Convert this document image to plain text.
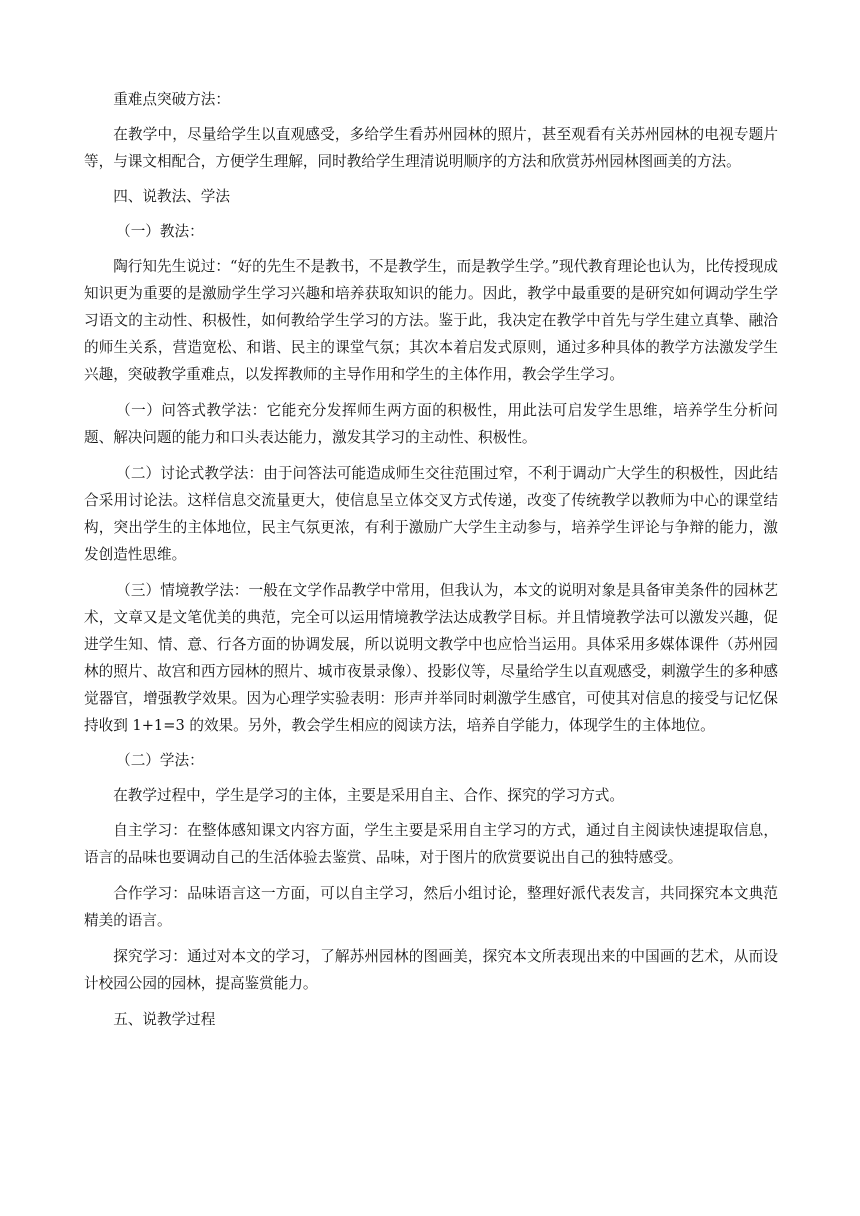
重难点突破方法：

在教学中，尽量给学生以直观感受，多给学生看苏州园林的照片，甚至观看有关苏州园林的电视专题片等，与课文相配合，方便学生理解，同时教给学生理清说明顺序的方法和欣赏苏州园林图画美的方法。

四、说教法、学法

（一）教法：

陶行知先生说过：“好的先生不是教书，不是教学生，而是教学生学。”现代教育理论也认为，比传授现成知识更为重要的是激励学生学习兴趣和培养获取知识的能力。因此，教学中最重要的是研究如何调动学生学习语文的主动性、积极性，如何教给学生学习的方法。鉴于此，我决定在教学中首先与学生建立真挚、融洽的师生关系，营造宽松、和谐、民主的课堂气氛；其次本着启发式原则，通过多种具体的教学方法激发学生兴趣，突破教学重难点，以发挥教师的主导作用和学生的主体作用，教会学生学习。

（一）问答式教学法：它能充分发挥师生两方面的积极性，用此法可启发学生思维，培养学生分析问题、解决问题的能力和口头表达能力，激发其学习的主动性、积极性。

（二）讨论式教学法：由于问答法可能造成师生交往范围过窄，不利于调动广大学生的积极性，因此结合采用讨论法。这样信息交流量更大，使信息呈立体交叉方式传递，改变了传统教学以教师为中心的课堂结构，突出学生的主体地位，民主气氛更浓，有利于激励广大学生主动参与，培养学生评论与争辩的能力，激发创造性思维。

（三）情境教学法：一般在文学作品教学中常用，但我认为，本文的说明对象是具备审美条件的园林艺术，文章又是文笔优美的典范，完全可以运用情境教学法达成教学目标。并且情境教学法可以激发兴趣，促进学生知、情、意、行各方面的协调发展，所以说明文教学中也应恰当运用。具体采用多媒体课件（苏州园林的照片、故宫和西方园林的照片、城市夜景录像）、投影仪等，尽量给学生以直观感受，刺激学生的多种感觉器官，增强教学效果。因为心理学实验表明：形声并举同时刺激学生感官，可使其对信息的接受与记忆保持收到 1+1=3 的效果。另外，教会学生相应的阅读方法，培养自学能力，体现学生的主体地位。

（二）学法：

在教学过程中，学生是学习的主体，主要是采用自主、合作、探究的学习方式。

自主学习：在整体感知课文内容方面，学生主要是采用自主学习的方式，通过自主阅读快速提取信息，语言的品味也要调动自己的生活体验去鉴赏、品味，对于图片的欣赏要说出自己的独特感受。

合作学习：品味语言这一方面，可以自主学习，然后小组讨论，整理好派代表发言，共同探究本文典范精美的语言。

探究学习：通过对本文的学习，了解苏州园林的图画美，探究本文所表现出来的中国画的艺术，从而设计校园公园的园林，提高鉴赏能力。

五、说教学过程
